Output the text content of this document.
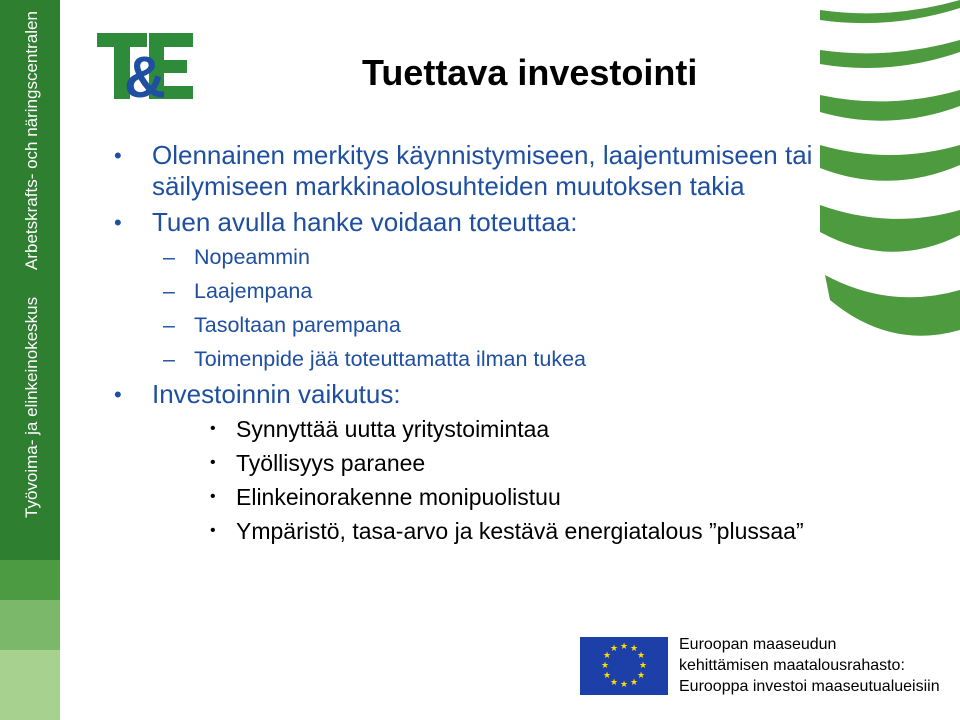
Arbetskrafts- och näringscentralen
Työvoima- ja elinkeinokeskus
&	Tuettava investointi
• Olennainen merkitys käynnistymiseen, laajentumiseen tai säilymiseen markkinaolosuhteiden muutoksen takia
• Tuen avulla hanke voidaan toteuttaa:
– Nopeammin
– Laajempana
– Tasoltaan parempana
– Toimenpide jää toteuttamatta ilman tukea
• Investoinnin vaikutus:
• Synnyttää uutta yritystoimintaa
• Työllisyys paranee
• Elinkeinorakenne monipuolistuu
• Ympäristö, tasa-arvo ja kestävä energiatalous ”plussaa”
★ ★
★
★
★
★
★
★
★
★
★
★	Euroopan maaseudun
kehittämisen maatalousrahasto:
Eurooppa investoi maaseutualueisiin
